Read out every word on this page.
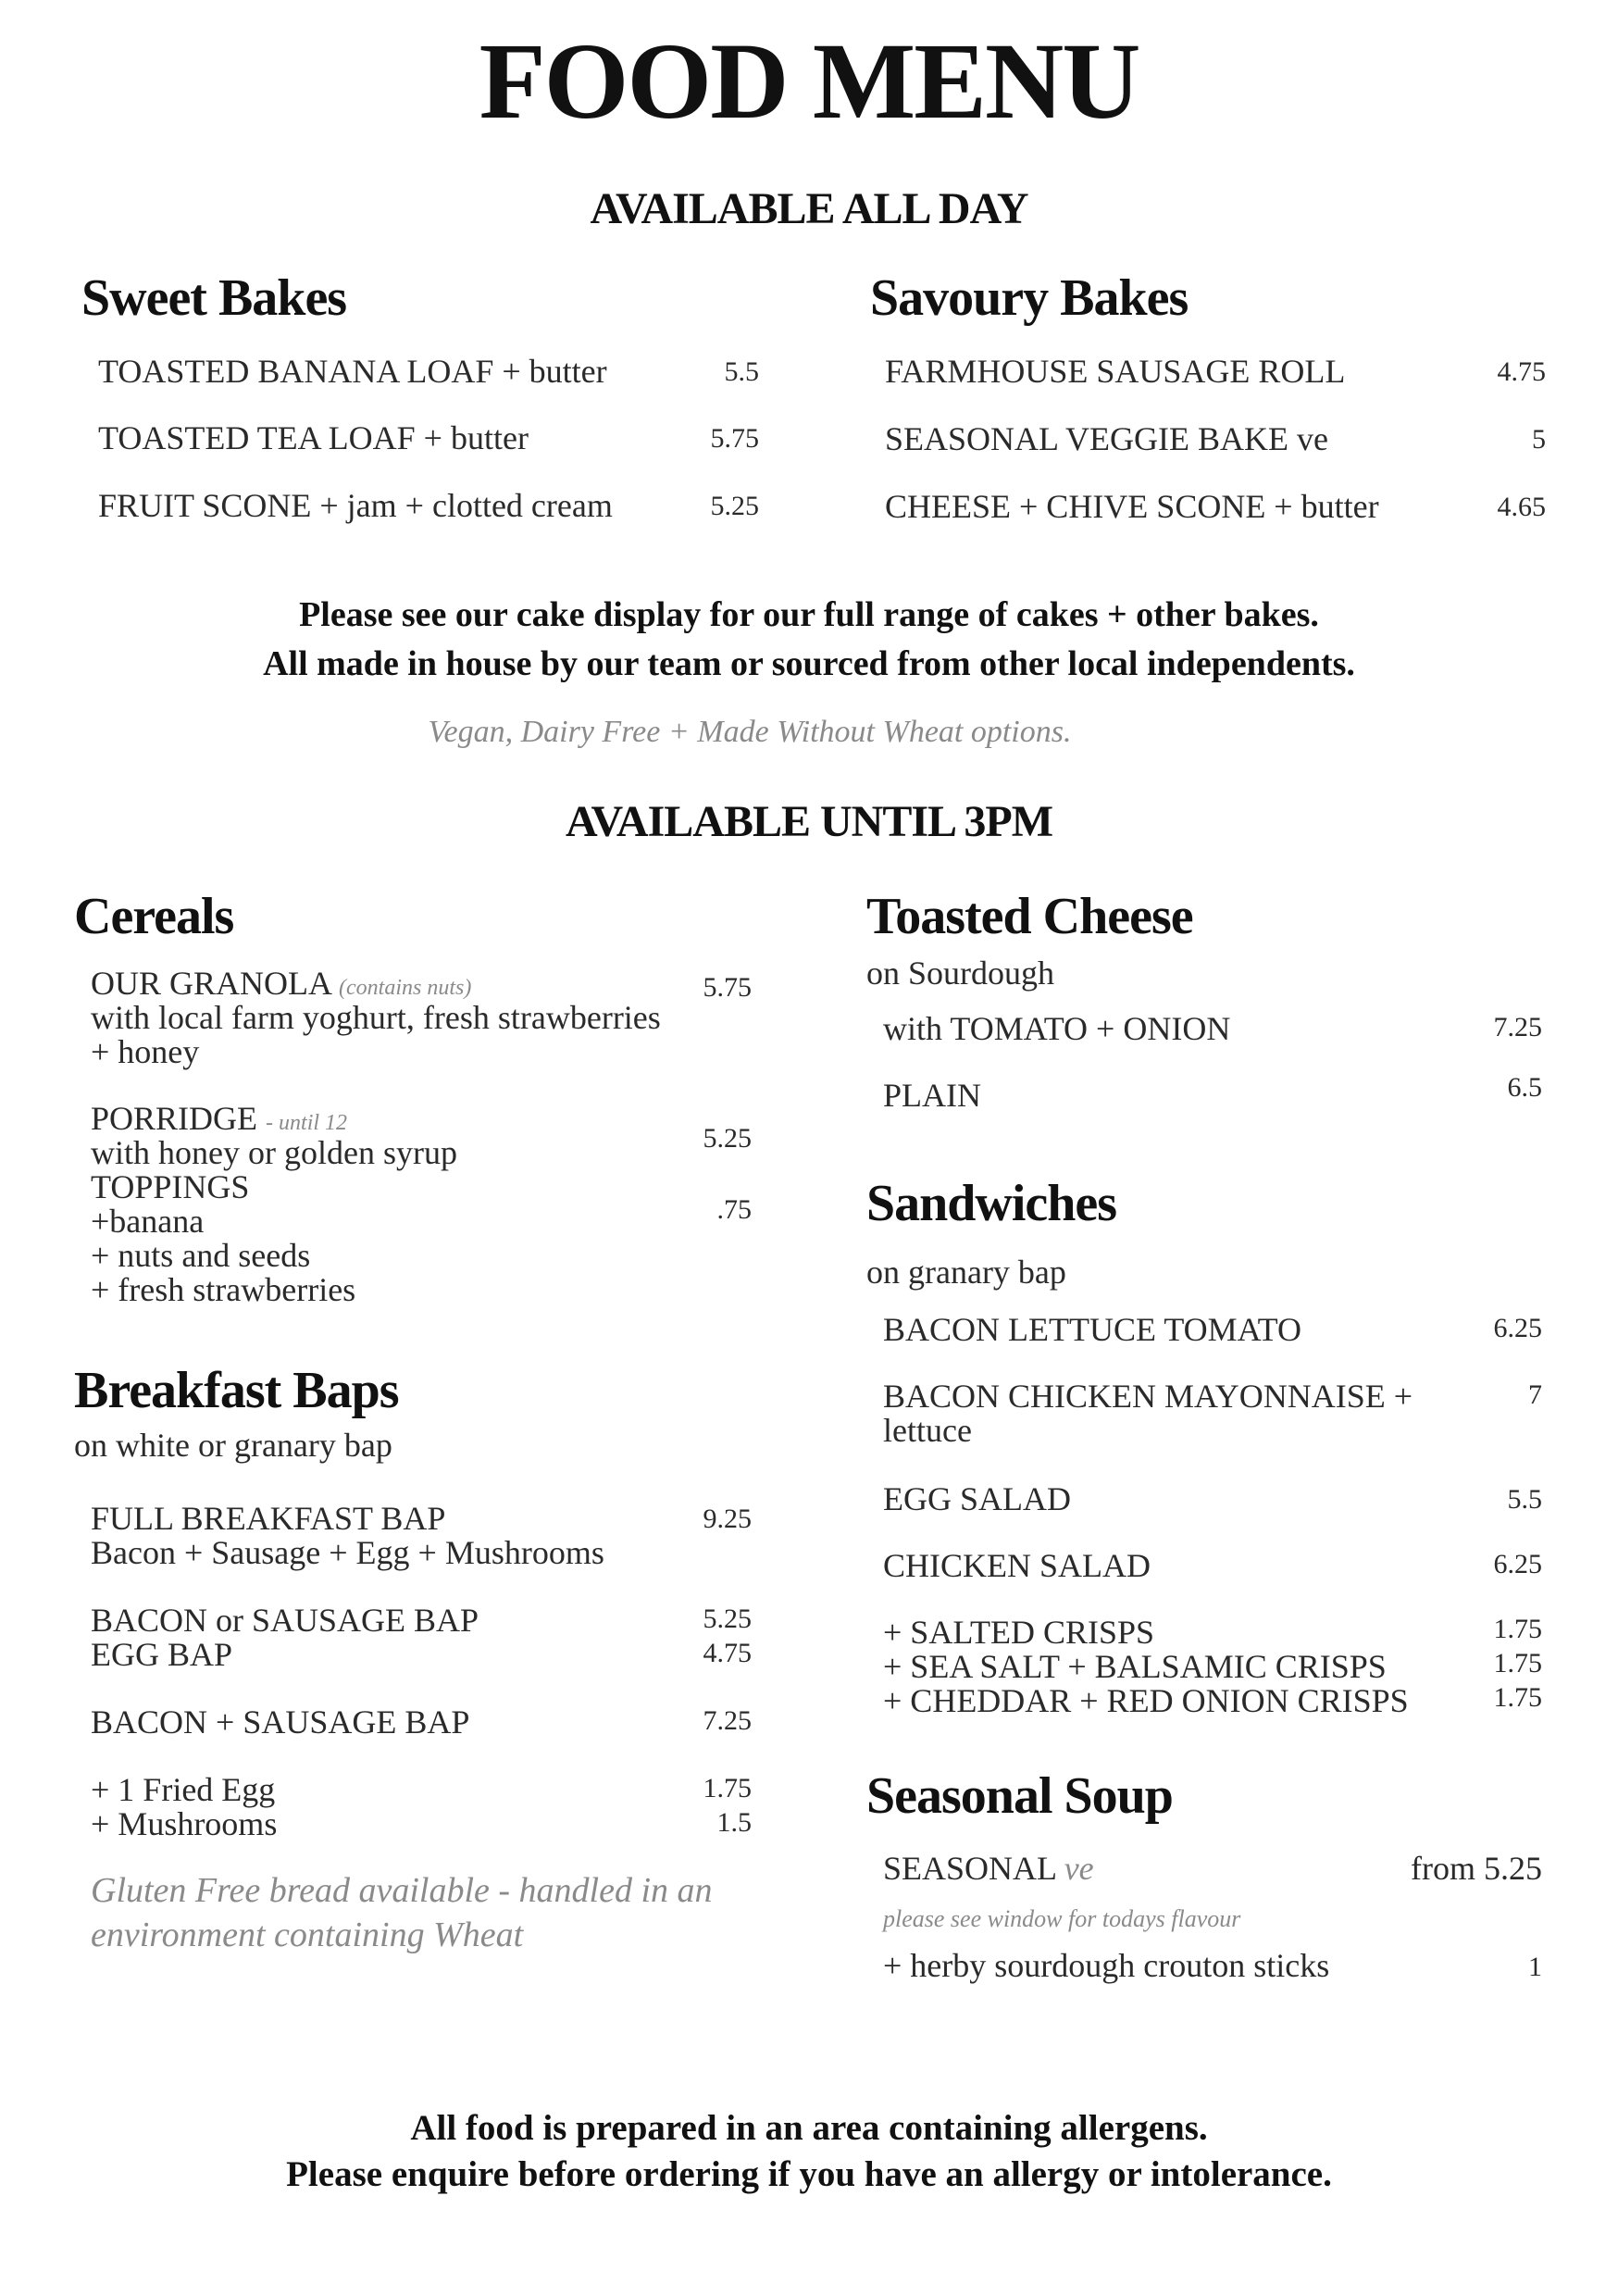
FOOD MENU
AVAILABLE ALL DAY
Sweet Bakes
TOASTED BANANA LOAF + butter	5.5
TOASTED TEA LOAF + butter	5.75
FRUIT SCONE + jam + clotted cream	5.25
Savoury Bakes
FARMHOUSE SAUSAGE ROLL	4.75
SEASONAL VEGGIE BAKE ve	5
CHEESE + CHIVE SCONE + butter	4.65
Please see our cake display for our full range of cakes + other bakes.
All made in house by our team or sourced from other local independents.
Vegan, Dairy Free + Made Without Wheat options.
AVAILABLE UNTIL 3PM
Cereals
OUR GRANOLA (contains nuts)	5.75
with local farm yoghurt, fresh strawberries
+ honey
PORRIDGE - until 12
with honey or golden syrup	5.25
TOPPINGS
+banana	.75
+ nuts and seeds
+ fresh strawberries
Breakfast Baps
on white or granary bap
FULL BREAKFAST BAP	9.25
Bacon + Sausage + Egg + Mushrooms
BACON or SAUSAGE BAP	5.25
EGG BAP	4.75
BACON + SAUSAGE BAP	7.25
+ 1 Fried Egg	1.75
+ Mushrooms	1.5
Gluten Free bread available - handled in an
environment containing Wheat
Toasted Cheese
on Sourdough
with TOMATO + ONION	7.25
PLAIN	6.5
Sandwiches
on granary bap
BACON LETTUCE TOMATO	6.25
BACON CHICKEN MAYONNAISE +
lettuce
7
EGG SALAD	5.5
CHICKEN SALAD	6.25
+ SALTED CRISPS	1.75
+ SEA SALT + BALSAMIC CRISPS	1.75
+ CHEDDAR + RED ONION CRISPS	1.75
Seasonal Soup
SEASONAL ve	from 5.25
please see window for todays flavour
+ herby sourdough crouton sticks	1
All food is prepared in an area containing allergens.
Please enquire before ordering if you have an allergy or intolerance.
